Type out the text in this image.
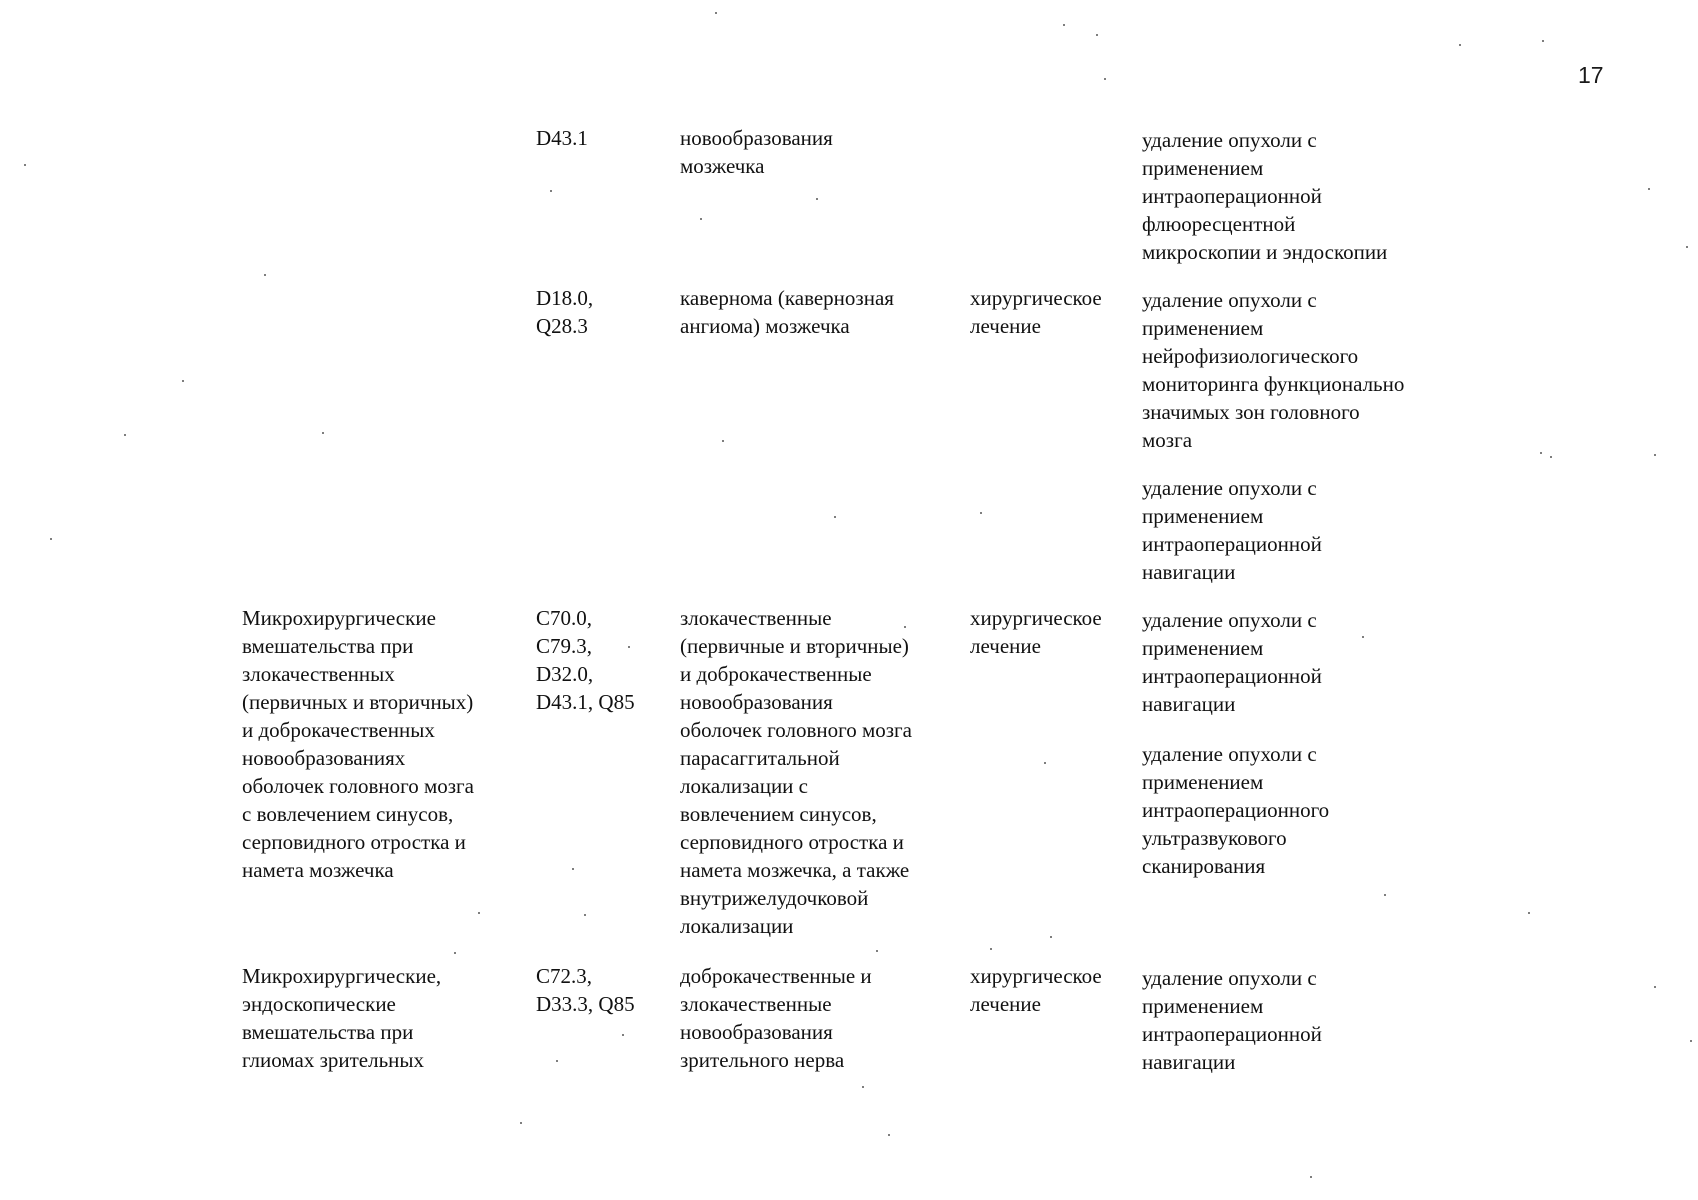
17
D43.1	новообразования
мозжечка
удаление опухоли с
применением
интраоперационной
флюоресцентной
микроскопии и эндоскопии
D18.0,
Q28.3
кавернома (кавернозная
ангиома) мозжечка
хирургическое
лечение
удаление опухоли с
применением
нейрофизиологического
мониторинга функционально
значимых зон головного
мозга
удаление опухоли с
применением
интраоперационной
навигации
Микрохирургические
вмешательства при
злокачественных
(первичных и вторичных)
и доброкачественных
новообразованиях
оболочек головного мозга
с вовлечением синусов,
серповидного отростка и
намета мозжечка
C70.0,
C79.3,
D32.0,
D43.1, Q85
злокачественные
(первичные и вторичные)
и доброкачественные
новообразования
оболочек головного мозга
парасаггитальной
локализации с
вовлечением синусов,
серповидного отростка и
намета мозжечка, а также
внутрижелудочковой
локализации
хирургическое
лечение
удаление опухоли с
применением
интраоперационной
навигации
удаление опухоли с
применением
интраоперационного
ультразвукового
сканирования
Микрохирургические,
эндоскопические
вмешательства при
глиомах зрительных
C72.3,
D33.3, Q85
доброкачественные и
злокачественные
новообразования
зрительного нерва
хирургическое
лечение
удаление опухоли с
применением
интраоперационной
навигации
